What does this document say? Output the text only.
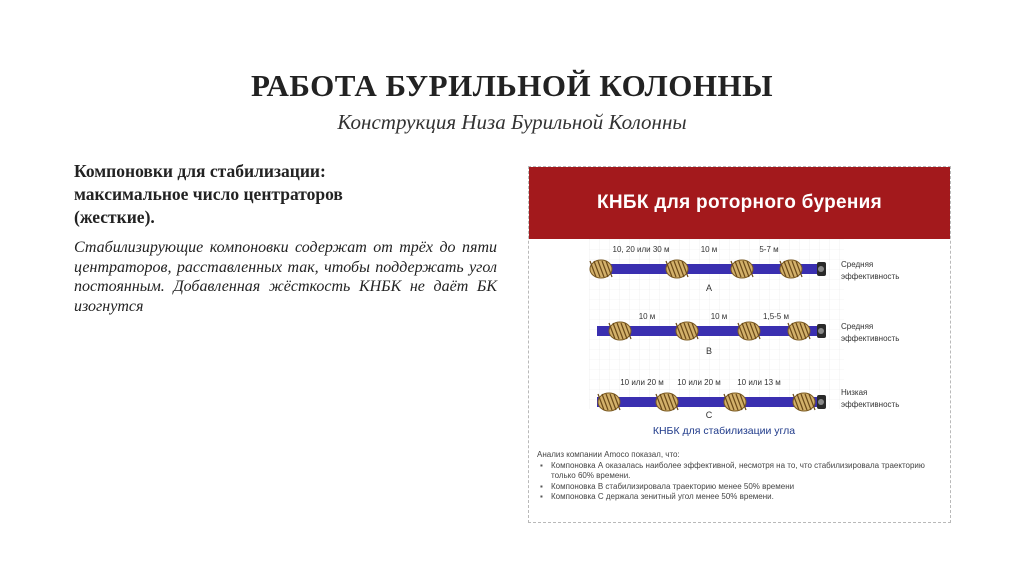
РАБОТА БУРИЛЬНОЙ КОЛОННЫ
Конструкция Низа Бурильной Колонны
Компоновки для стабилизации:
максимальное число центраторов
(жесткие).
Стабилизирующие компоновки содержат от трёх до пяти центраторов, расставленных так, чтобы поддержать угол постоянным. Добавленная жёсткость КНБК не даёт БК изогнутся
КНБК для роторного бурения
10, 20 или 30 м	10 м	5-7 м
A
Средняя
эффективность
10 м	10 м	1,5-5 м
B
Средняя
эффективность
10 или 20 м 10 или 20 м 10 или 13 м
C
Низкая
эффективность
КНБК для стабилизации угла
Анализ компании Amoco показал, что:
▪ Компоновка А оказалась наиболее эффективной, несмотря на то, что стабилизировала траекторию только 60% времени.
▪ Компоновка В стабилизировала траекторию менее 50% времени
▪ Компоновка С держала зенитный угол менее 50% времени.
